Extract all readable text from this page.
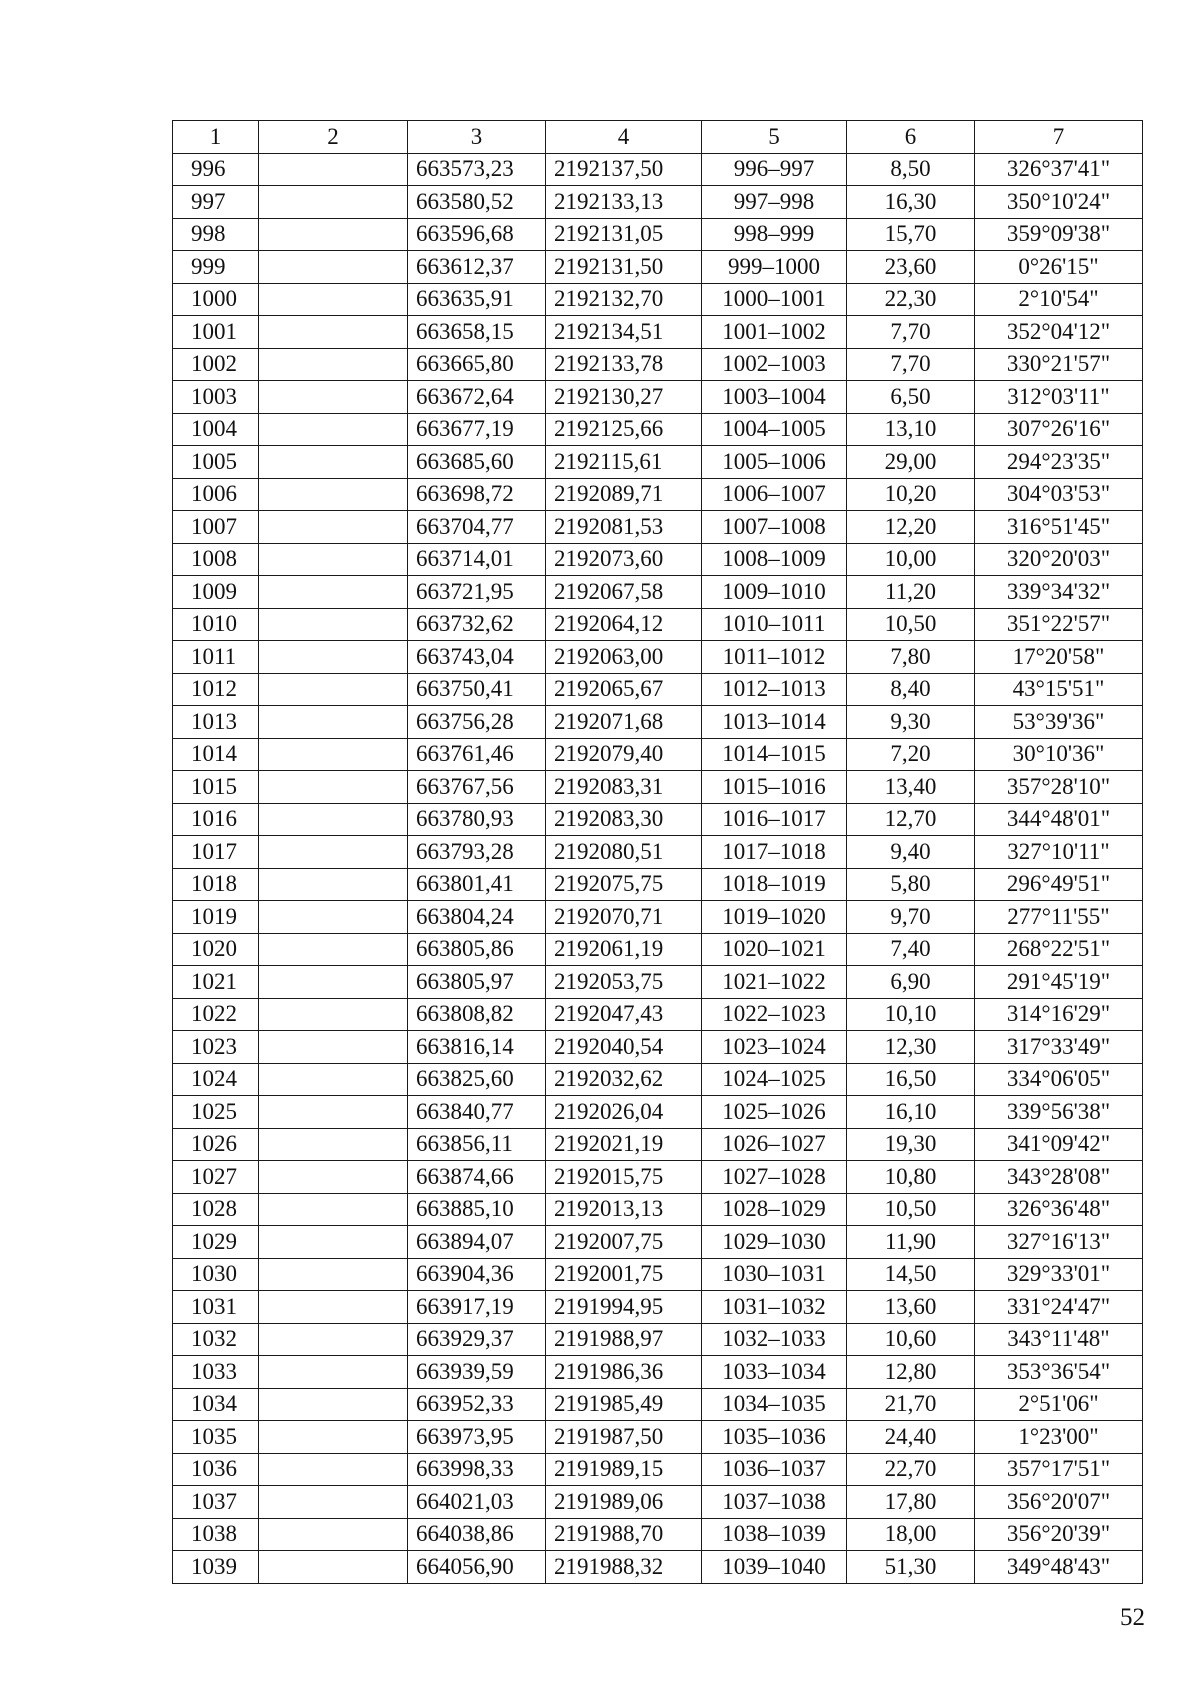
1	2	3	4	5	6	7
996		663573,23	2192137,50	996–997	8,50	326°37'41"
997		663580,52	2192133,13	997–998	16,30	350°10'24"
998		663596,68	2192131,05	998–999	15,70	359°09'38"
999		663612,37	2192131,50	999–1000	23,60	0°26'15"
1000		663635,91	2192132,70	1000–1001	22,30	2°10'54"
1001		663658,15	2192134,51	1001–1002	7,70	352°04'12"
1002		663665,80	2192133,78	1002–1003	7,70	330°21'57"
1003		663672,64	2192130,27	1003–1004	6,50	312°03'11"
1004		663677,19	2192125,66	1004–1005	13,10	307°26'16"
1005		663685,60	2192115,61	1005–1006	29,00	294°23'35"
1006		663698,72	2192089,71	1006–1007	10,20	304°03'53"
1007		663704,77	2192081,53	1007–1008	12,20	316°51'45"
1008		663714,01	2192073,60	1008–1009	10,00	320°20'03"
1009		663721,95	2192067,58	1009–1010	11,20	339°34'32"
1010		663732,62	2192064,12	1010–1011	10,50	351°22'57"
1011		663743,04	2192063,00	1011–1012	7,80	17°20'58"
1012		663750,41	2192065,67	1012–1013	8,40	43°15'51"
1013		663756,28	2192071,68	1013–1014	9,30	53°39'36"
1014		663761,46	2192079,40	1014–1015	7,20	30°10'36"
1015		663767,56	2192083,31	1015–1016	13,40	357°28'10"
1016		663780,93	2192083,30	1016–1017	12,70	344°48'01"
1017		663793,28	2192080,51	1017–1018	9,40	327°10'11"
1018		663801,41	2192075,75	1018–1019	5,80	296°49'51"
1019		663804,24	2192070,71	1019–1020	9,70	277°11'55"
1020		663805,86	2192061,19	1020–1021	7,40	268°22'51"
1021		663805,97	2192053,75	1021–1022	6,90	291°45'19"
1022		663808,82	2192047,43	1022–1023	10,10	314°16'29"
1023		663816,14	2192040,54	1023–1024	12,30	317°33'49"
1024		663825,60	2192032,62	1024–1025	16,50	334°06'05"
1025		663840,77	2192026,04	1025–1026	16,10	339°56'38"
1026		663856,11	2192021,19	1026–1027	19,30	341°09'42"
1027		663874,66	2192015,75	1027–1028	10,80	343°28'08"
1028		663885,10	2192013,13	1028–1029	10,50	326°36'48"
1029		663894,07	2192007,75	1029–1030	11,90	327°16'13"
1030		663904,36	2192001,75	1030–1031	14,50	329°33'01"
1031		663917,19	2191994,95	1031–1032	13,60	331°24'47"
1032		663929,37	2191988,97	1032–1033	10,60	343°11'48"
1033		663939,59	2191986,36	1033–1034	12,80	353°36'54"
1034		663952,33	2191985,49	1034–1035	21,70	2°51'06"
1035		663973,95	2191987,50	1035–1036	24,40	1°23'00"
1036		663998,33	2191989,15	1036–1037	22,70	357°17'51"
1037		664021,03	2191989,06	1037–1038	17,80	356°20'07"
1038		664038,86	2191988,70	1038–1039	18,00	356°20'39"
1039		664056,90	2191988,32	1039–1040	51,30	349°48'43"
52
